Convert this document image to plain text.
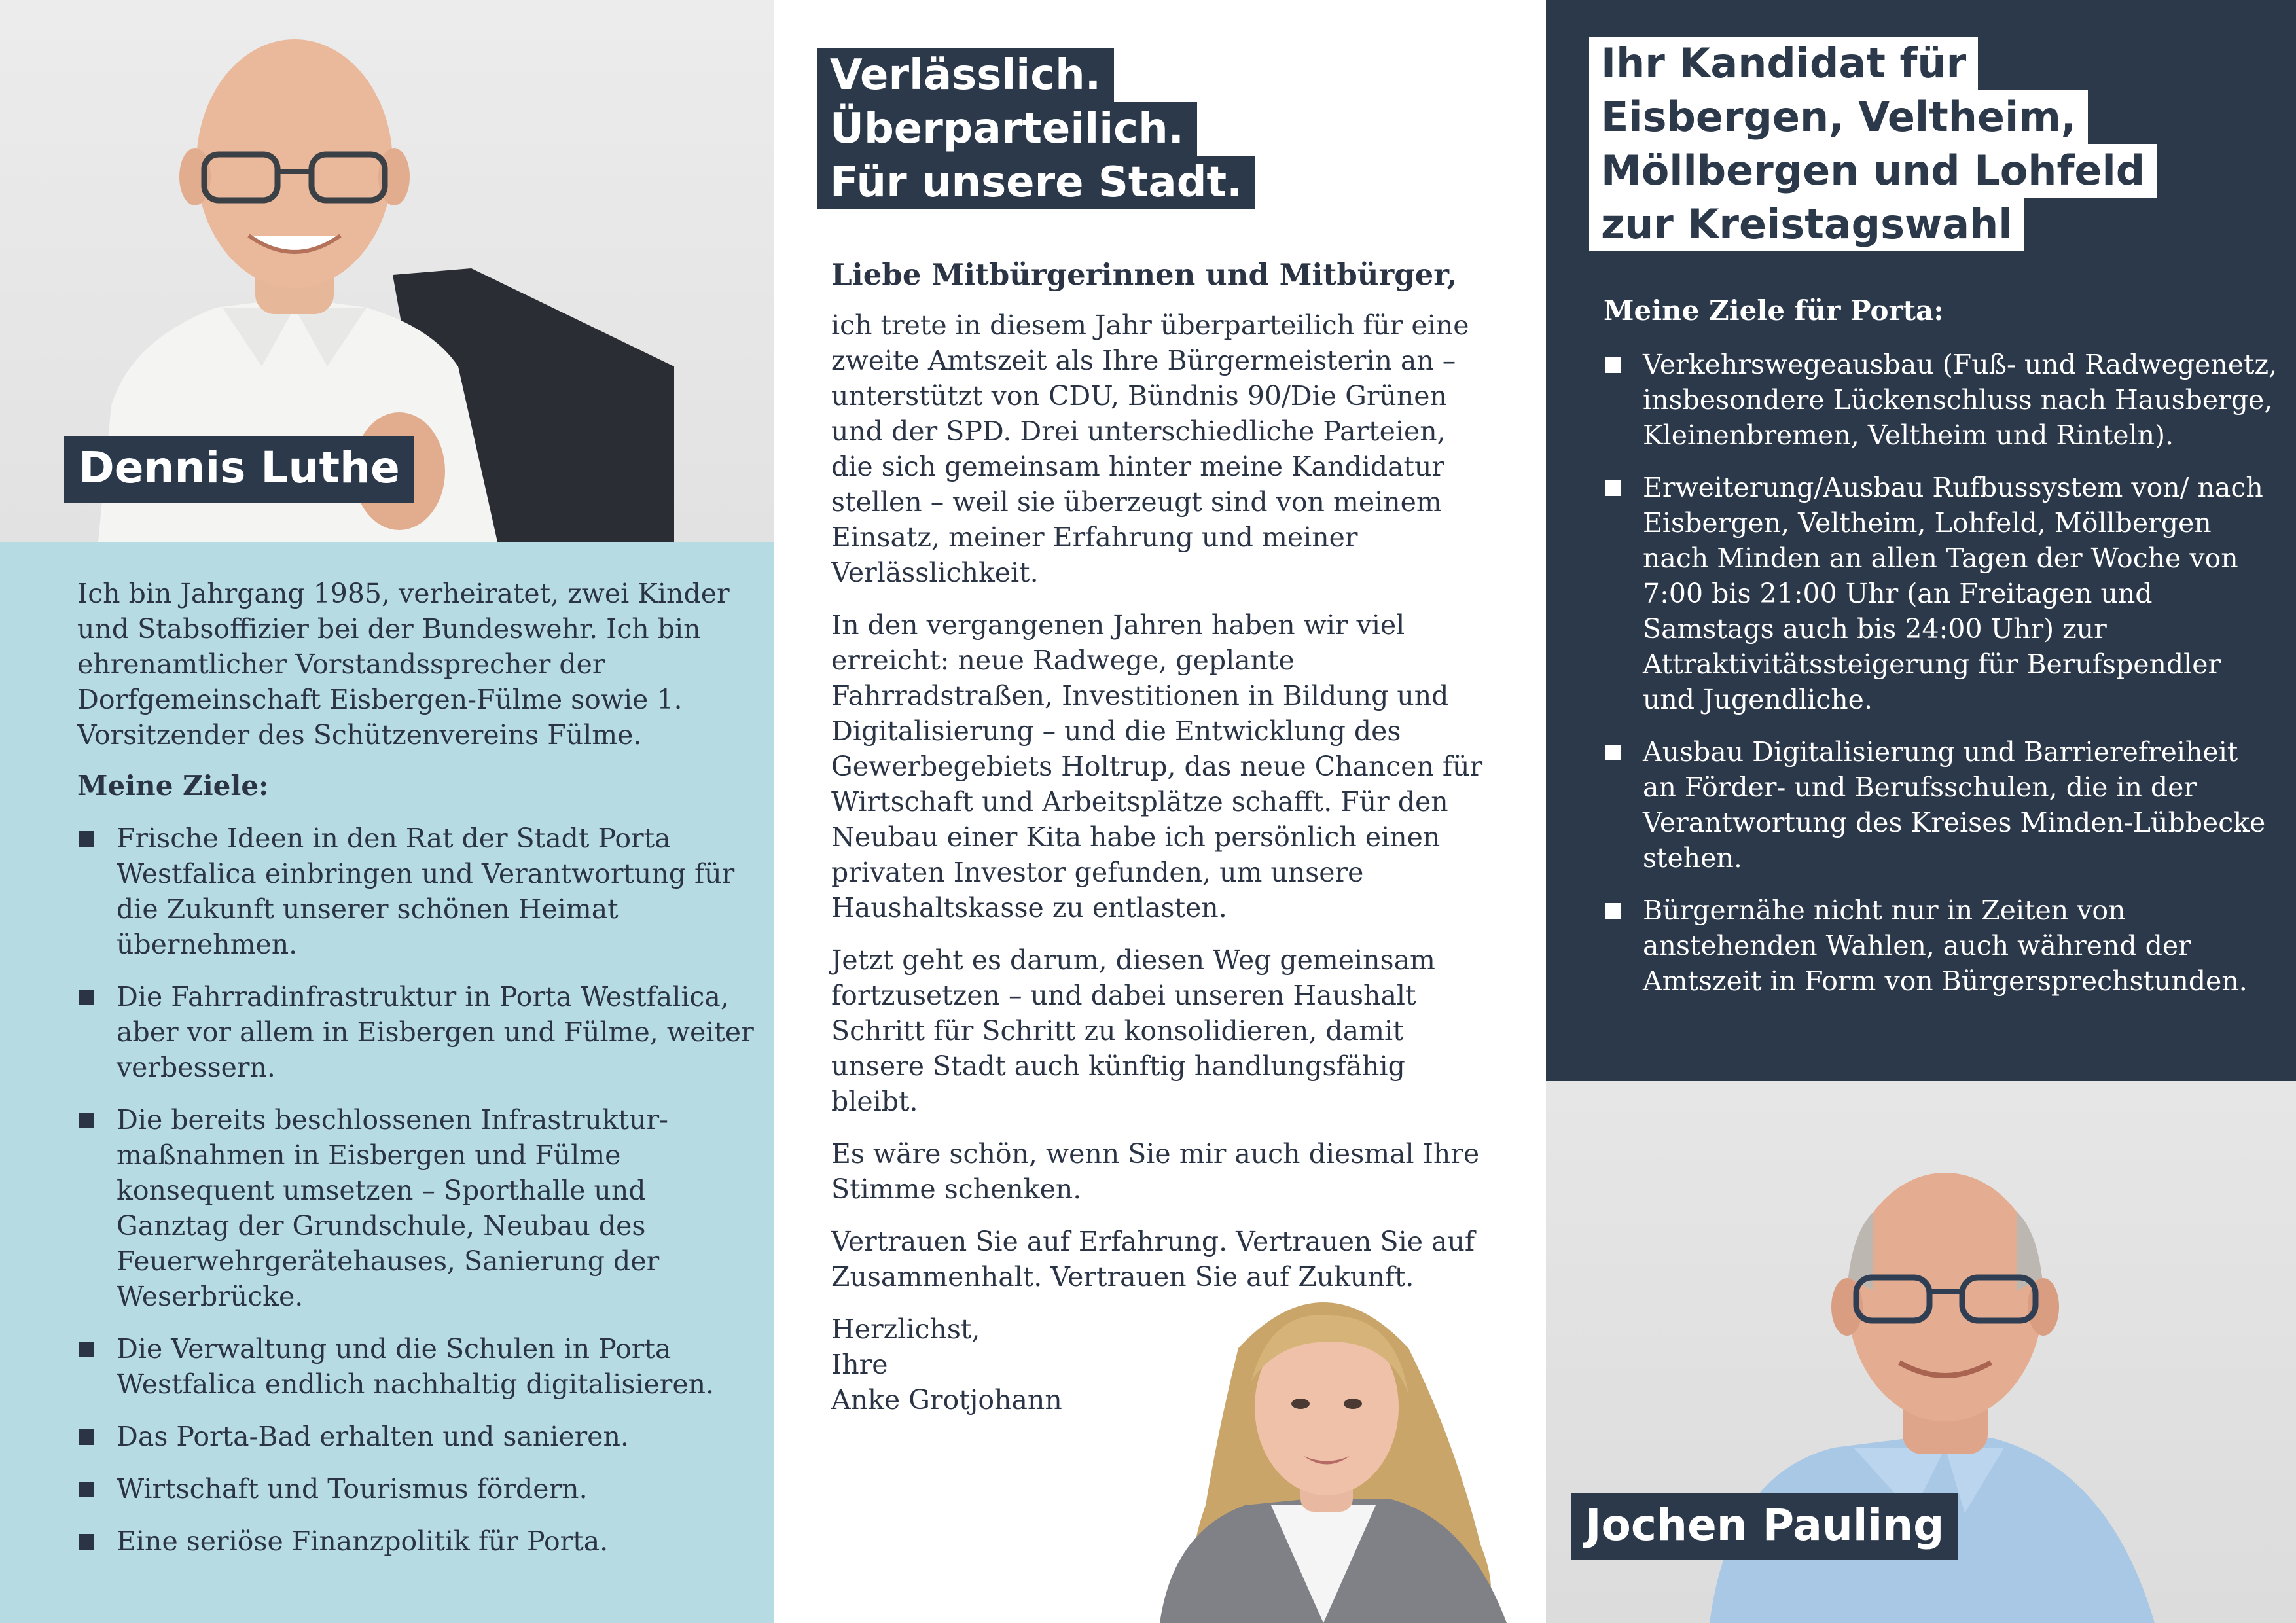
Dennis Luthe

Ich bin Jahrgang 1985, verheiratet, zwei Kinder und Stabsoffizier bei der Bundeswehr. Ich bin ehrenamtlicher Vorstandssprecher der Dorfgemeinschaft Eisbergen-Fülme sowie 1. Vorsitzender des Schützenvereins Fülme.

Meine Ziele:
Frische Ideen in den Rat der Stadt Porta Westfalica einbringen und Verantwortung für die Zukunft unserer schönen Heimat übernehmen.
Die Fahrradinfrastruktur in Porta Westfalica, aber vor allem in Eisbergen und Fülme, weiter verbessern.
Die bereits beschlossenen Infrastrukturmaßnahmen in Eisbergen und Fülme konsequent umsetzen – Sporthalle und Ganztag der Grundschule, Neubau des Feuerwehrgerätehauses, Sanierung der Weserbrücke.
Die Verwaltung und die Schulen in Porta Westfalica endlich nachhaltig digitalisieren.
Das Porta-Bad erhalten und sanieren.
Wirtschaft und Tourismus fördern.
Eine seriöse Finanzpolitik für Porta.
Verlässlich.
Überparteilich.
Für unsere Stadt.
Liebe Mitbürgerinnen und Mitbürger,

ich trete in diesem Jahr überparteilich für eine zweite Amtszeit als Ihre Bürgermeisterin an – unterstützt von CDU, Bündnis 90/Die Grünen und der SPD. Drei unterschiedliche Parteien, die sich gemeinsam hinter meine Kandidatur stellen – weil sie überzeugt sind von meinem Einsatz, meiner Erfahrung und meiner Verlässlichkeit.

In den vergangenen Jahren haben wir viel erreicht: neue Radwege, geplante Fahrradstraßen, Investitionen in Bildung und Digitalisierung – und die Entwicklung des Gewerbegebiets Holtrup, das neue Chancen für Wirtschaft und Arbeitsplätze schafft. Für den Neubau einer Kita habe ich persönlich einen privaten Investor gefunden, um unsere Haushaltskasse zu entlasten.

Jetzt geht es darum, diesen Weg gemeinsam fortzusetzen – und dabei unseren Haushalt Schritt für Schritt zu konsolidieren, damit unsere Stadt auch künftig handlungsfähig bleibt.

Es wäre schön, wenn Sie mir auch diesmal Ihre Stimme schenken.

Vertrauen Sie auf Erfahrung. Vertrauen Sie auf Zusammenhalt. Vertrauen Sie auf Zukunft.

Herzlichst,
Ihre
Anke Grotjohann
Ihr Kandidat für
Eisbergen, Veltheim,
Möllbergen und Lohfeld
zur Kreistagswahl
Meine Ziele für Porta:
Verkehrswegeausbau (Fuß- und Radwegenetz, insbesondere Lückenschluss nach Hausberge, Kleinenbremen, Veltheim und Rinteln).
Erweiterung/Ausbau Rufbussystem von/ nach Eisbergen, Veltheim, Lohfeld, Möllbergen nach Minden an allen Tagen der Woche von 7:00 bis 21:00 Uhr (an Freitagen und Samstags auch bis 24:00 Uhr) zur Attraktivitätssteigerung für Berufspendler und Jugendliche.
Ausbau Digitalisierung und Barrierefreiheit an Förder- und Berufsschulen, die in der Verantwortung des Kreises Minden-Lübbecke stehen.
Bürgernähe nicht nur in Zeiten von anstehenden Wahlen, auch während der Amtszeit in Form von Bürgersprechstunden.
Jochen Pauling
